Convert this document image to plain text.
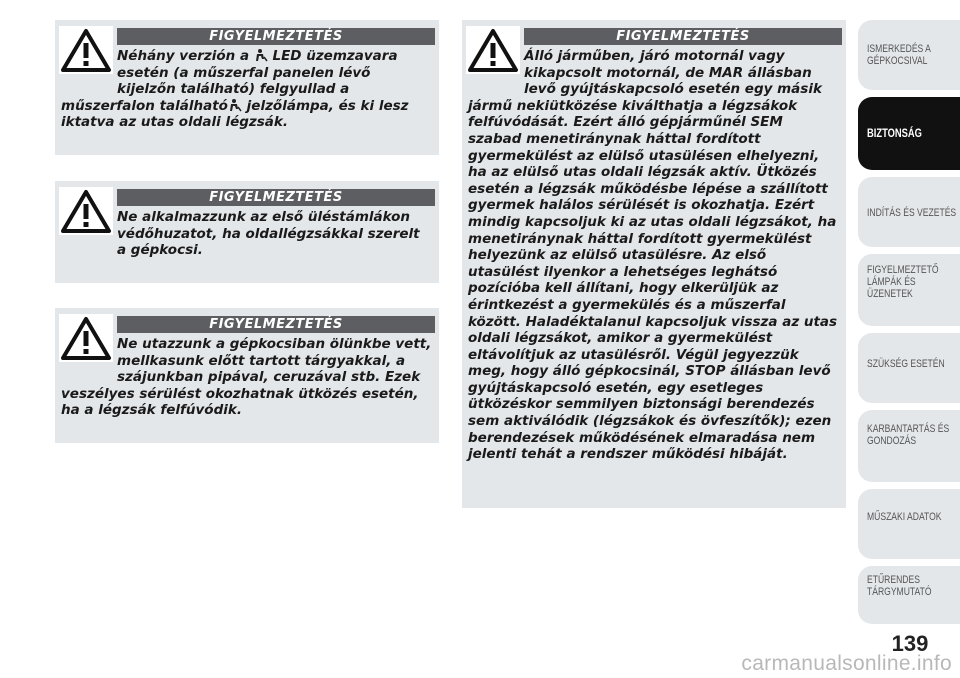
FIGYELMEZTETÉS

Néhány verzión a  LED üzemzavara esetén (a műszerfal panelen lévő kijelzőn található) felgyullad a műszerfalon található jelzőlámpa, és ki lesz iktatva az utas oldali légzsák.

FIGYELMEZTETÉS

Ne alkalmazzunk az első üléstámlákon védőhuzatot, ha oldallégzsákkal szerelt a gépkocsi.

FIGYELMEZTETÉS

Ne utazzunk a gépkocsiban ölünkbe vett, mellkasunk előtt tartott tárgyakkal, a szájunkban pipával, ceruzával stb. Ezek veszélyes sérülést okozhatnak ütközés esetén, ha a légzsák felfúvódik.

FIGYELMEZTETÉS

Álló járműben, járó motornál vagy kikapcsolt motornál, de MAR állásban levő gyújtáskapcsoló esetén egy másik jármű nekiütközése kiválthatja a légzsákok felfúvódását. Ezért álló gépjárműnél SEM szabad menetiránynak háttal fordított gyermekülést az elülső utasülésen elhelyezni, ha az elülső utas oldali légzsák aktív. Ütközés esetén a légzsák működésbe lépése a szállított gyermek halálos sérülését is okozhatja. Ezért mindig kapcsoljuk ki az utas oldali légzsákot, ha menetiránynak háttal fordított gyermekülést helyezünk az elülső utasülésre. Az első utasülést ilyenkor a lehetséges leghátsó pozícióba kell állítani, hogy elkerüljük az érintkezést a gyermekülés és a műszerfal között. Haladéktalanul kapcsoljuk vissza az utas oldali légzsákot, amikor a gyermekülést eltávolítjuk az utasülésről. Végül jegyezzük meg, hogy álló gépkocsinál, STOP állásban levő gyújtáskapcsoló esetén, egy esetleges ütközéskor semmilyen biztonsági berendezés sem aktiválódik (légzsákok és övfeszítők); ezen berendezések működésének elmaradása nem jelenti tehát a rendszer működési hibáját.

ISMERKEDÉS A
GÉPKOCSIVAL
BIZTONSÁG
INDÍTÁS ÉS VEZETÉS
FIGYELMEZTETŐ
LÁMPÁK ÉS
ÜZENETEK
SZÜKSÉG ESETÉN
KARBANTARTÁS ÉS
GONDOZÁS
MŰSZAKI ADATOK
ETŰRENDES
TÁRGYMUTATÓ
139
carmanualsonline.info
